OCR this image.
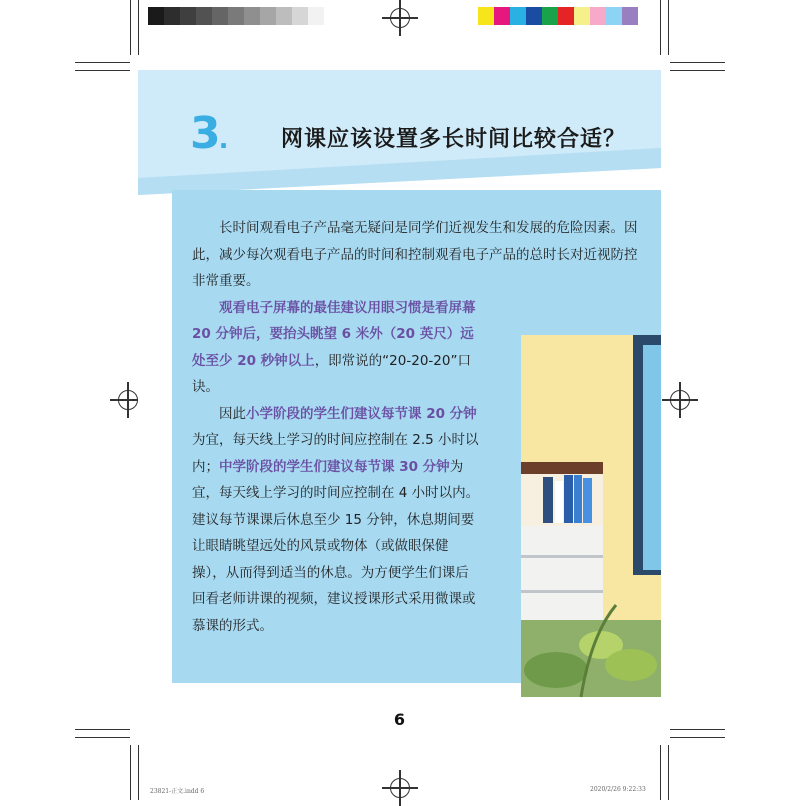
3. 网课应该设置多长时间比较合适？

长时间观看电子产品毫无疑问是同学们近视发生和发展的危险因素。因此，减少每次观看电子产品的时间和控制观看电子产品的总时长对近视防控非常重要。

观看电子屏幕的最佳建议用眼习惯是看屏幕 20 分钟后，要抬头眺望 6 米外（20 英尺）远处至少 20 秒钟以上，即常说的“20-20-20”口诀。

因此小学阶段的学生们建议每节课 20 分钟为宜，每天线上学习的时间应控制在 2.5 小时以内；中学阶段的学生们建议每节课 30 分钟为宜，每天线上学习的时间应控制在 4 小时以内。建议每节课课后休息至少 15 分钟，休息期间要让眼睛眺望远处的风景或物体（或做眼保健操），从而得到适当的休息。为方便学生们课后回看老师讲课的视频，建议授课形式采用微课或慕课的形式。

6
23821-正文.indd 6	2020/2/26 9:22:33
